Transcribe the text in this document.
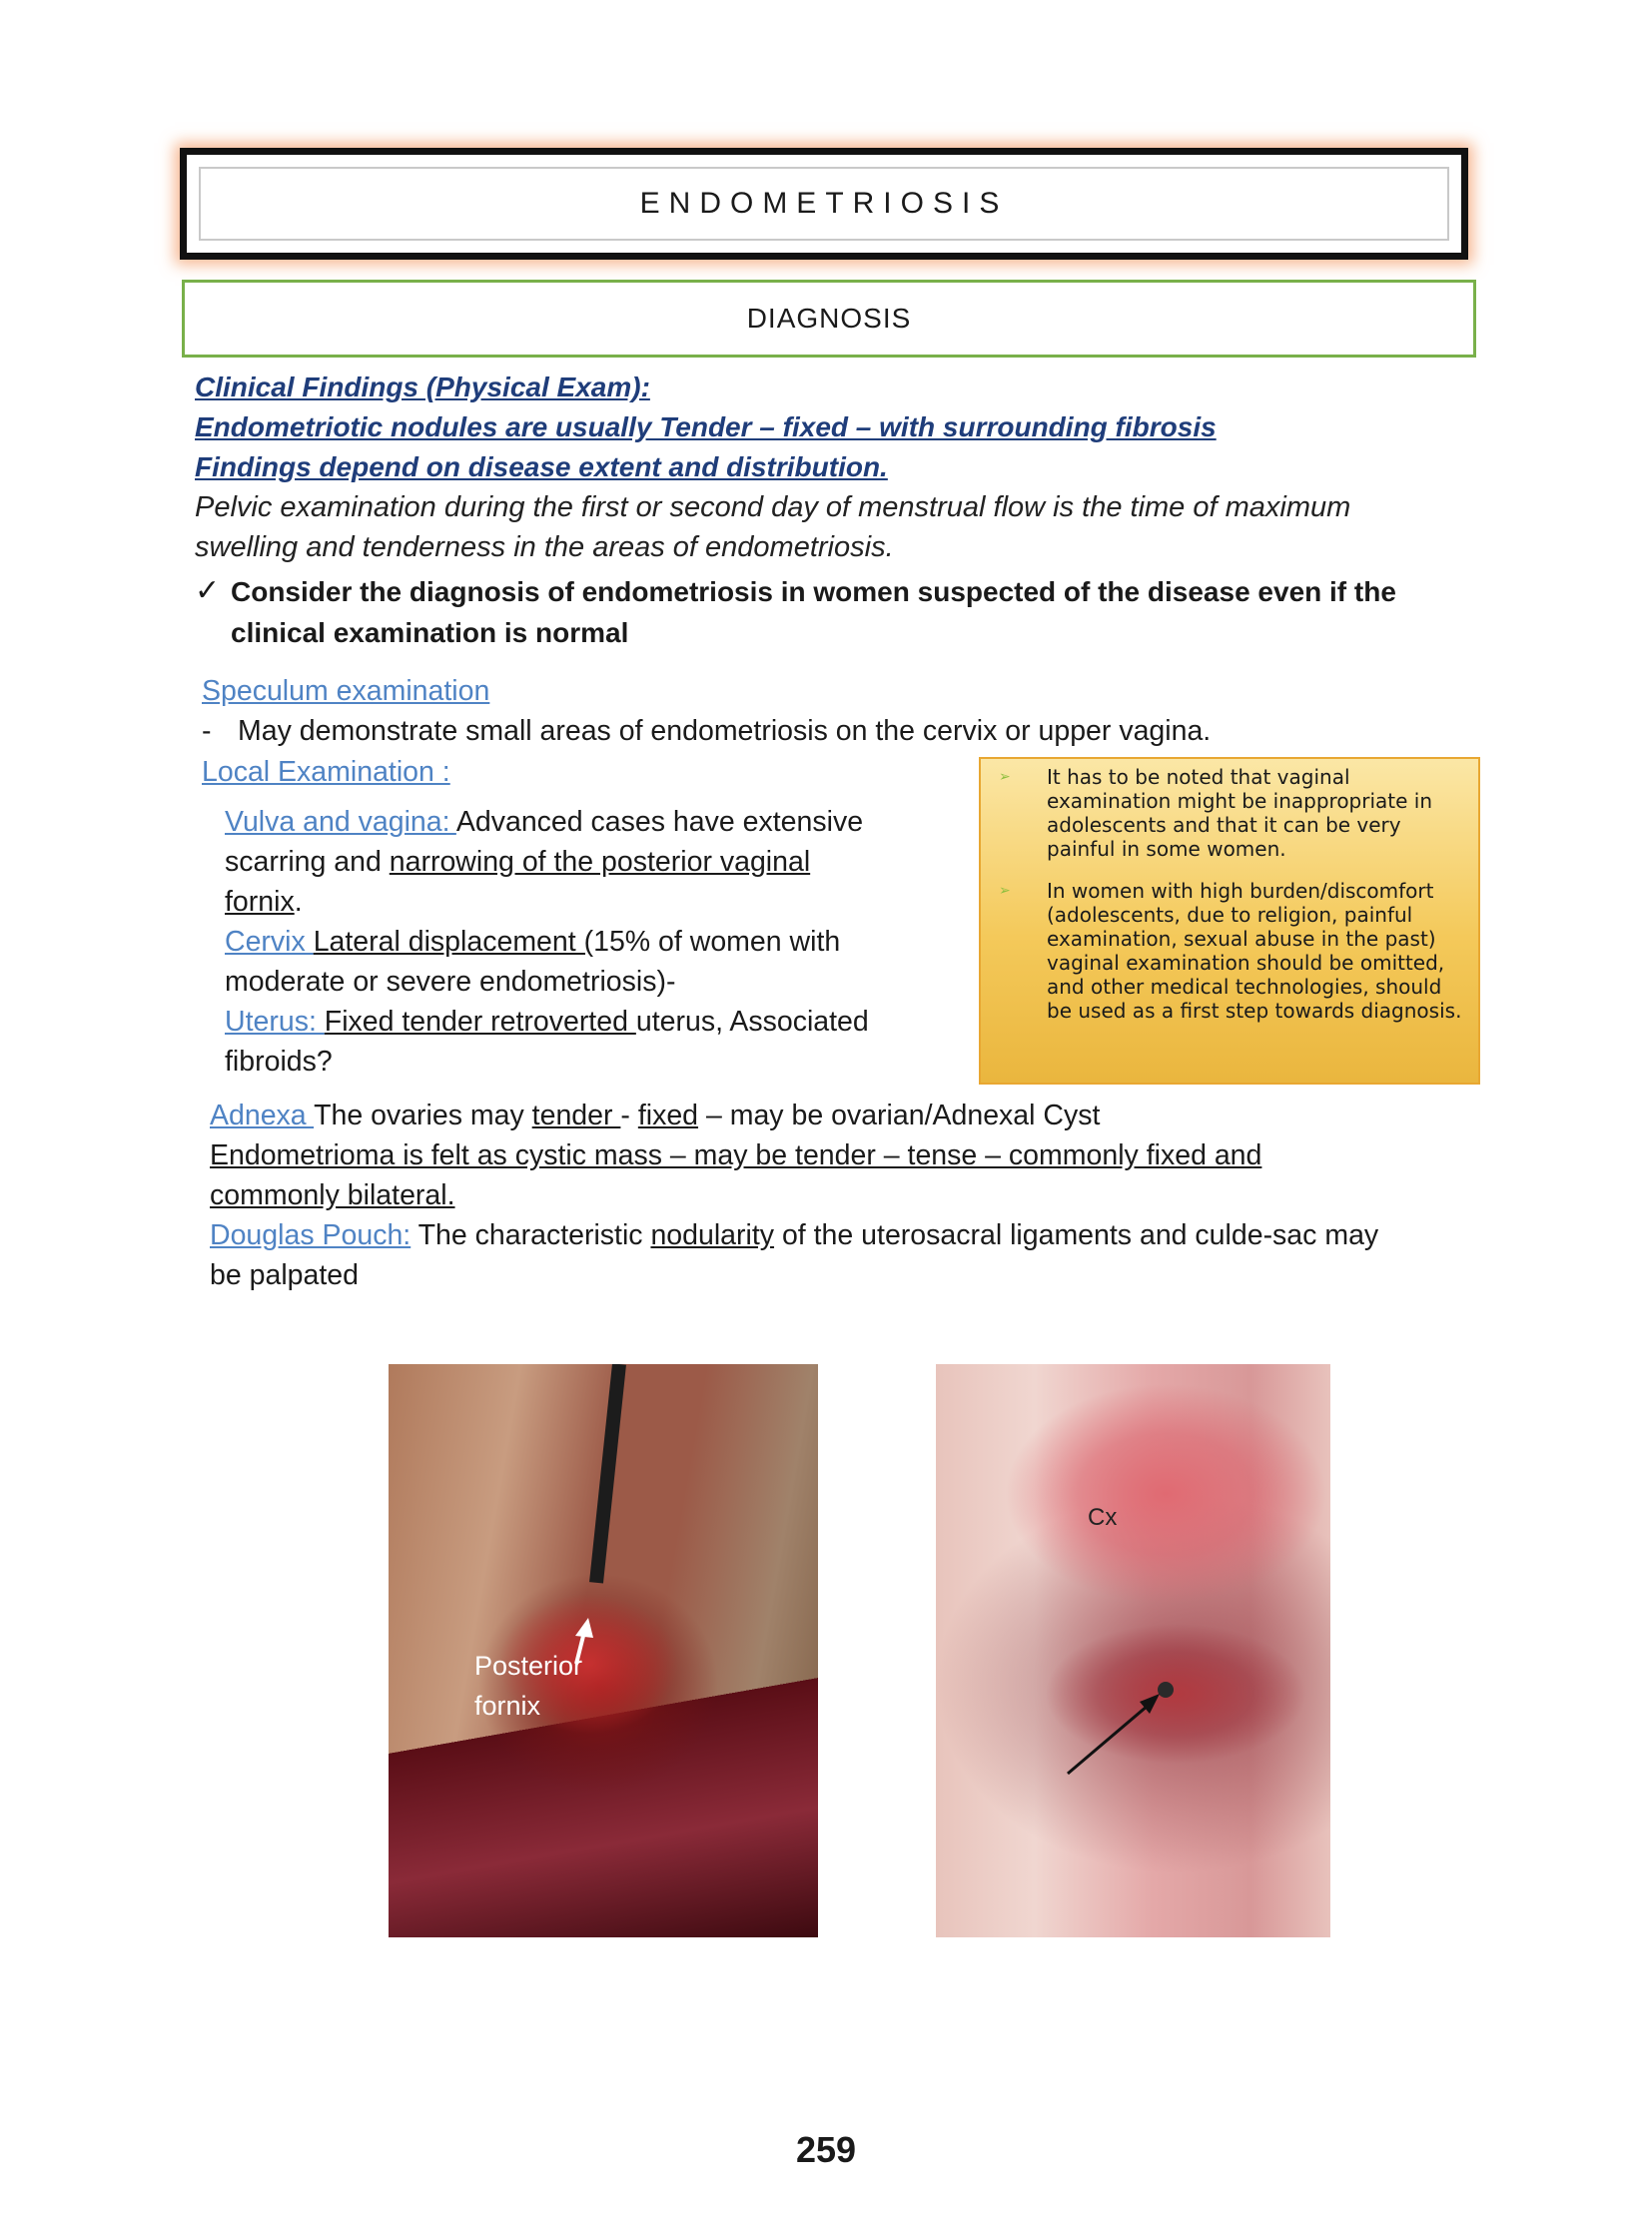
ENDOMETRIOSIS
DIAGNOSIS
Clinical Findings (Physical Exam):
Endometriotic nodules are usually Tender – fixed – with surrounding fibrosis
Findings depend on disease extent and distribution.
Pelvic examination during the first or second day of menstrual flow is the time of maximum
swelling and tenderness in the areas of endometriosis.
✓ Consider the diagnosis of endometriosis in women suspected of the disease even if the
clinical examination is normal
Speculum examination
- May demonstrate small areas of endometriosis on the cervix or upper vagina.
Local Examination :
Vulva and vagina: Advanced cases have extensive
scarring and narrowing of the posterior vaginal
fornix.
Cervix Lateral displacement (15% of women with
moderate or severe endometriosis)-
Uterus: Fixed tender retroverted uterus, Associated
fibroids?
➢	It has to be noted that vaginal examination might be inappropriate in adolescents and that it can be very painful in some women.
➢	In women with high burden/discomfort (adolescents, due to religion, painful examination, sexual abuse in the past) vaginal examination should be omitted, and other medical technologies, should be used as a first step towards diagnosis.
Adnexa The ovaries may tender - fixed – may be ovarian/Adnexal Cyst
Endometrioma is felt as cystic mass – may be tender – tense – commonly fixed and
commonly bilateral.
Douglas Pouch: The characteristic nodularity of the uterosacral ligaments and culde-sac may
be palpated
Posterior
fornix
Cx
259
